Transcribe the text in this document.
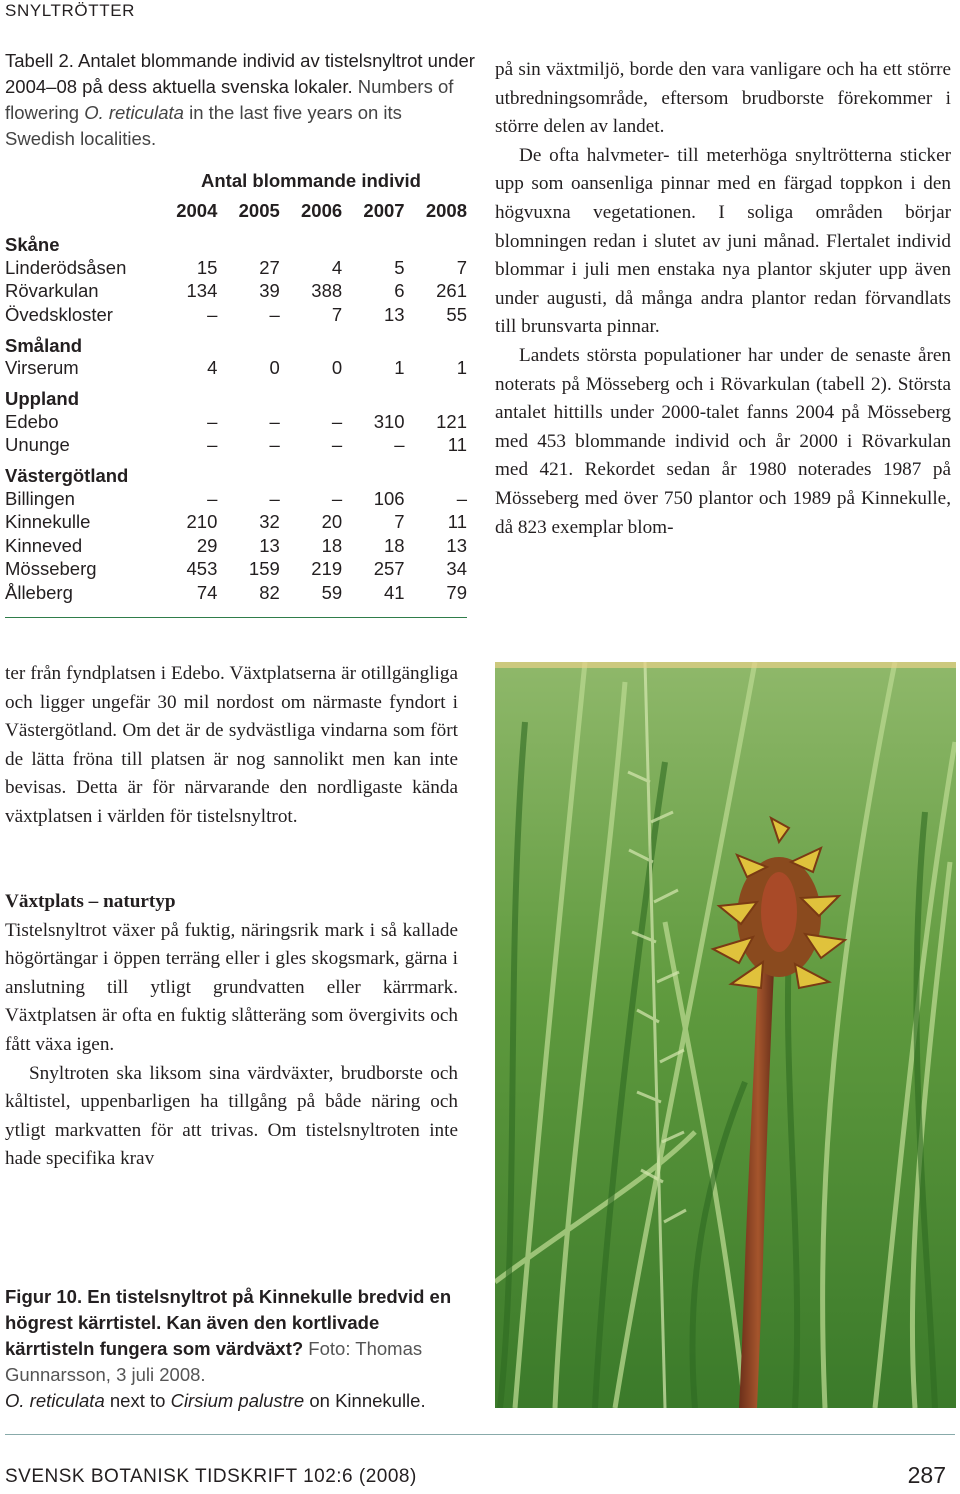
SNYLTRÖTTER
Tabell 2. Antalet blommande individ av tistelsnyltrot under 2004–08 på dess aktuella svenska lokaler. Numbers of flowering O. reticulata in the last five years on its Swedish localities.
	Antal blommande individ				
	2004	2005	2006	2007	2008
Skåne					
Linderödsåsen	15	27	4	5	7
Rövarkulan	134	39	388	6	261
Övedskloster	–	–	7	13	55
Småland					
Virserum	4	0	0	1	1
Uppland					
Edebo	–	–	–	310	121
Ununge	–	–	–	–	11
Västergötland					
Billingen	–	–	–	106	–
Kinnekulle	210	32	20	7	11
Kinneved	29	13	18	18	13
Mösseberg	453	159	219	257	34
Ålleberg	74	82	59	41	79

på sin växtmiljö, borde den vara vanligare och ha ett större utbredningsområde, eftersom brudborste förekommer i större delen av landet.

De ofta halvmeter- till meterhöga snyltrötterna sticker upp som oansenliga pinnar med en färgad toppkon i den högvuxna vegetationen. I soliga områden börjar blomningen redan i slutet av juni månad. Flertalet individ blommar i juli men enstaka nya plantor skjuter upp även under augusti, då många andra plantor redan förvandlats till brunsvarta pinnar.

Landets största populationer har under de senaste åren noterats på Mösseberg och i Rövarkulan (tabell 2). Största antalet hittills under 2000-talet fanns 2004 på Mösseberg med 453 blommande individ och år 2000 i Rövarkulan med 421. Rekordet sedan år 1980 noterades 1987 på Mösseberg med över 750 plantor och 1989 på Kinnekulle, då 823 exemplar blom-

ter från fyndplatsen i Edebo. Växtplatserna är otillgängliga och ligger ungefär 30 mil nordost om närmaste fyndort i Västergötland. Om det är de sydvästliga vindarna som fört de lätta fröna till platsen är nog sannolikt men kan inte bevisas. Detta är för närvarande den nordligaste kända växtplatsen i världen för tistelsnyltrot.

Växtplats – naturtyp

Tistelsnyltrot växer på fuktig, näringsrik mark i så kallade högörtängar i öppen terräng eller i gles skogsmark, gärna i anslutning till ytligt grundvatten eller kärrmark. Växtplatsen är ofta en fuktig slåtteräng som övergivits och fått växa igen.

Snyltroten ska liksom sina värdväxter, brudborste och kåltistel, uppenbarligen ha tillgång på både näring och ytligt markvatten för att trivas. Om tistelsnyltroten inte hade specifika krav

Figur 10. En tistelsnyltrot på Kinnekulle bredvid en högrest kärrtistel. Kan även den kortlivade kärrtisteln fungera som värdväxt? Foto: Thomas Gunnarsson, 3 juli 2008.
O. reticulata next to Cirsium palustre on Kinnekulle.
SVENSK BOTANISK TIDSKRIFT 102:6 (2008)	287
